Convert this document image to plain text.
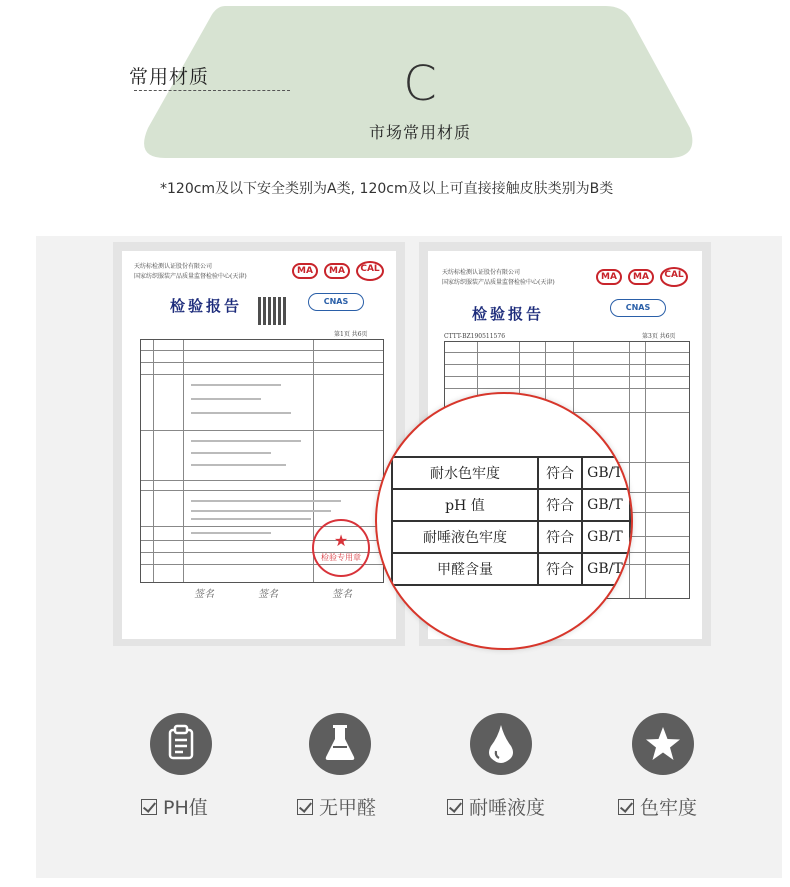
常用材质	C
市场常用材质
*120cm及以下安全类别为A类, 120cm及以上可直接接触皮肤类别为B类
天纺标检测认证股份有限公司
国家纺织服装产品质量监督检验中心(天津)
MA	MA	CAL
CNAS
检验报告
第1页 共6页
★
检验专用章
签名	签名	签名
天纺标检测认证股份有限公司
国家纺织服装产品质量监督检验中心(天津)
MA	MA	CAL
CNAS
检验报告
CTTT-BZ190511576	第3页 共6页
耐水色牢度	符合	GB/T
pH 值	符合	GB/T
耐唾液色牢度	符合	GB/T
甲醛含量	符合	GB/T
PH值	无甲醛	耐唾液度	色牢度
